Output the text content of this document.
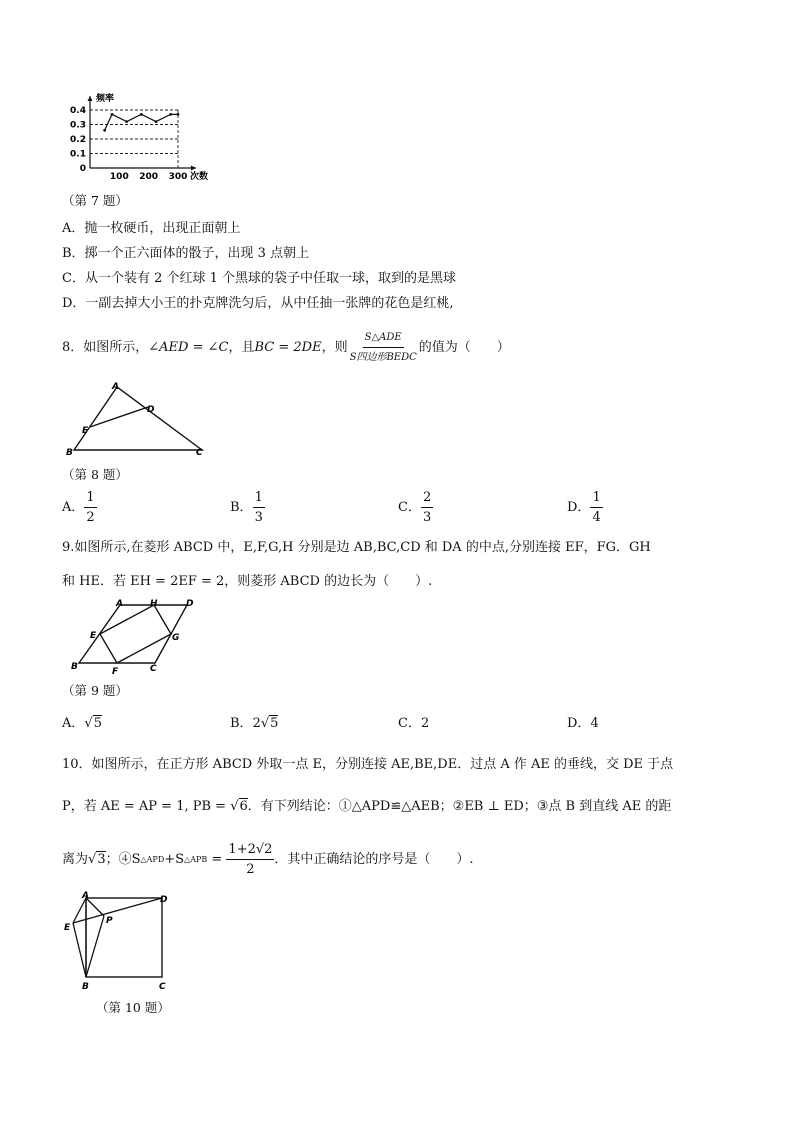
0.4
0.3
0.2
0.1
0
频率
次数
100 200 300
（第 7 题）
A．抛一枚硬币，出现正面朝上
B．掷一个正六面体的骰子，出现 3 点朝上
C．从一个装有 2 个红球 1 个黑球的袋子中任取一球，取到的是黑球
D．一副去掉大小王的扑克牌洗匀后，从中任抽一张牌的花色是红桃,
8．如图所示， ∠AED = ∠C ，且 BC = 2DE ，则 $\frac{\text{S△ADE}}{\text{S四边形BEDC}}$ 的值为（　　）
A
D
E
B	C
（第 8 题）
A． $\frac{1}{2}$	B． $\frac{1}{3}$	C． $\frac{2}{3}$	D． $\frac{1}{4}$
9.如图所示,在菱形 ABCD 中，E,F,G,H 分别是边 AB,BC,CD 和 DA 的中点,分别连接 EF，FG．GH
和 HE．若 EH = 2EF = 2，则菱形 ABCD 的边长为（　　）.
A	H	D
E	G
B	F	C
（第 9 题）
A．√5	B．2√5	C．2	D．4
10．如图所示，在正方形 ABCD 外取一点 E，分别连接 AE,BE,DE．过点 A 作 AE 的垂线，交 DE 于点
P，若 AE = AP = 1, PB = √6．有下列结论：①△APD≌△AEB；②EB ⊥ ED；③点 B 到直线 AE 的距
离为 √3 ；④S △APD +S △APB = $\frac{1+2√2}{2}$ ．其中正确结论的序号是（　　）.
A	D
E
P
B	C
（第 10 题）
